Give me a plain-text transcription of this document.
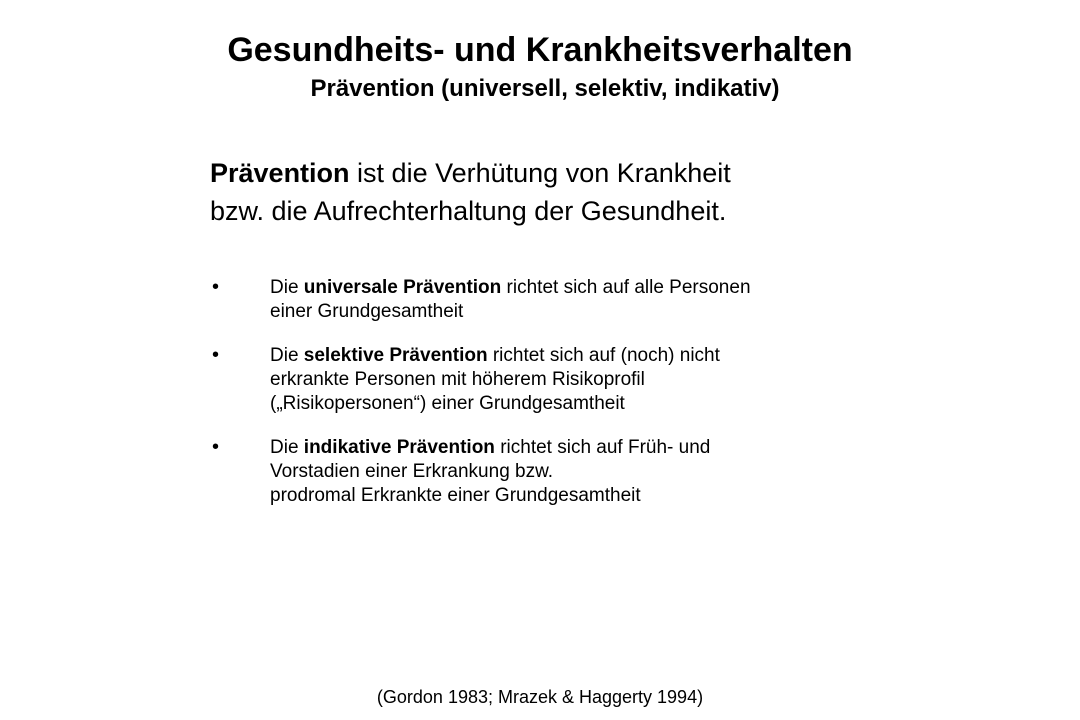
Gesundheits- und Krankheitsverhalten
Prävention (universell, selektiv, indikativ)

Prävention ist die Verhütung von Krankheit
bzw. die Aufrechterhaltung der Gesundheit.

•	Die universale Prävention richtet sich auf alle Personen
einer Grundgesamtheit
•	Die selektive Prävention richtet sich auf (noch) nicht
erkrankte Personen mit höherem Risikoprofil
(„Risikopersonen“) einer Grundgesamtheit
•	Die indikative Prävention richtet sich auf Früh- und
Vorstadien einer Erkrankung bzw.
prodromal Erkrankte einer Grundgesamtheit

(Gordon 1983; Mrazek & Haggerty 1994)
